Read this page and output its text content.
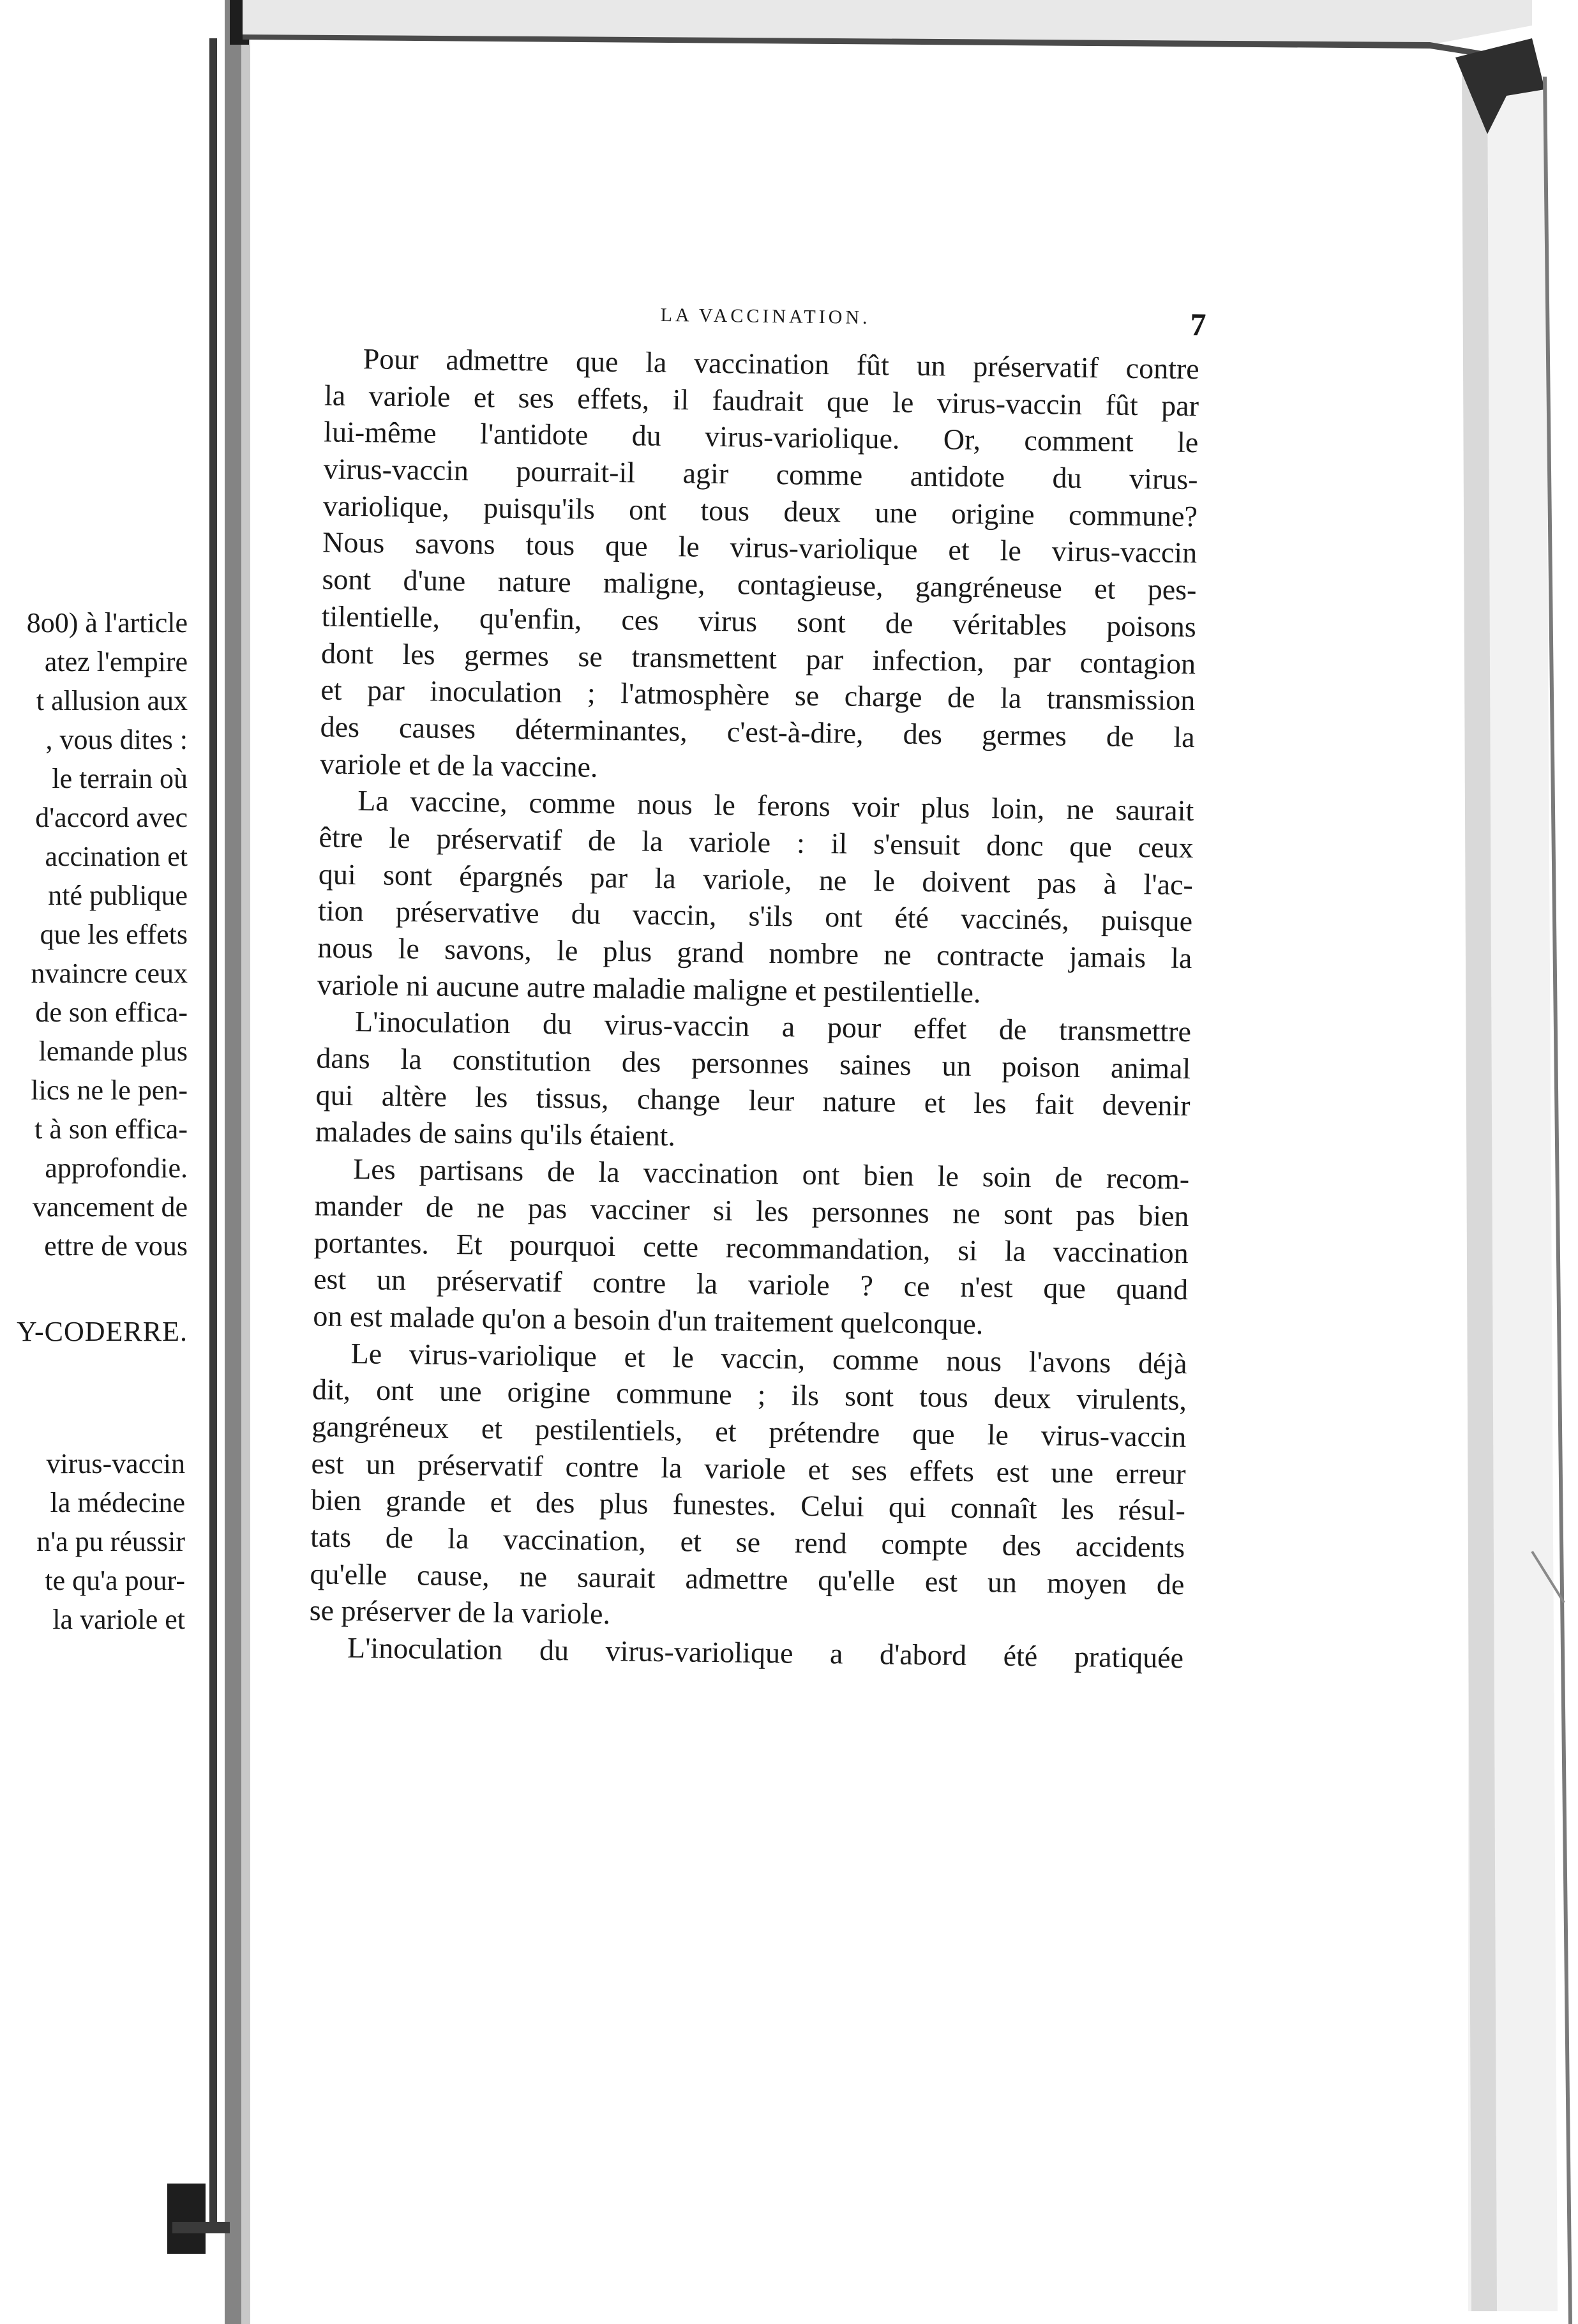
8o0) à l'article
atez l'empire
t allusion aux
, vous dites :
le terrain où
d'accord avec
accination et
nté publique
que les effets
nvaincre ceux
de son effica-
lemande plus
lics ne le pen-
t à son effica-
approfondie.
vancement de
ettre de vous
Y-CODERRE.
virus-vaccin
la médecine
n'a pu réussir
te qu'a pour-
la variole et
LA VACCINATION.	7
Pour admettre que la vaccination fût un préservatif contre
la variole et ses effets, il faudrait que le virus-vaccin fût par
lui-même l'antidote du virus-variolique. Or, comment le
virus-vaccin pourrait-il agir comme antidote du virus-
variolique, puisqu'ils ont tous deux une origine commune?
Nous savons tous que le virus-variolique et le virus-vaccin
sont d'une nature maligne, contagieuse, gangréneuse et pes-
tilentielle, qu'enfin, ces virus sont de véritables poisons
dont les germes se transmettent par infection, par contagion
et par inoculation ; l'atmosphère se charge de la transmission
des causes déterminantes, c'est-à-dire, des germes de la
variole et de la vaccine.
La vaccine, comme nous le ferons voir plus loin, ne saurait
être le préservatif de la variole : il s'ensuit donc que ceux
qui sont épargnés par la variole, ne le doivent pas à l'ac-
tion préservative du vaccin, s'ils ont été vaccinés, puisque
nous le savons, le plus grand nombre ne contracte jamais la
variole ni aucune autre maladie maligne et pestilentielle.
L'inoculation du virus-vaccin a pour effet de transmettre
dans la constitution des personnes saines un poison animal
qui altère les tissus, change leur nature et les fait devenir
malades de sains qu'ils étaient.
Les partisans de la vaccination ont bien le soin de recom-
mander de ne pas vacciner si les personnes ne sont pas bien
portantes. Et pourquoi cette recommandation, si la vaccination
est un préservatif contre la variole ? ce n'est que quand
on est malade qu'on a besoin d'un traitement quelconque.
Le virus-variolique et le vaccin, comme nous l'avons déjà
dit, ont une origine commune ; ils sont tous deux virulents,
gangréneux et pestilentiels, et prétendre que le virus-vaccin
est un préservatif contre la variole et ses effets est une erreur
bien grande et des plus funestes. Celui qui connaît les résul-
tats de la vaccination, et se rend compte des accidents
qu'elle cause, ne saurait admettre qu'elle est un moyen de
se préserver de la variole.
L'inoculation du virus-variolique a d'abord été pratiquée
